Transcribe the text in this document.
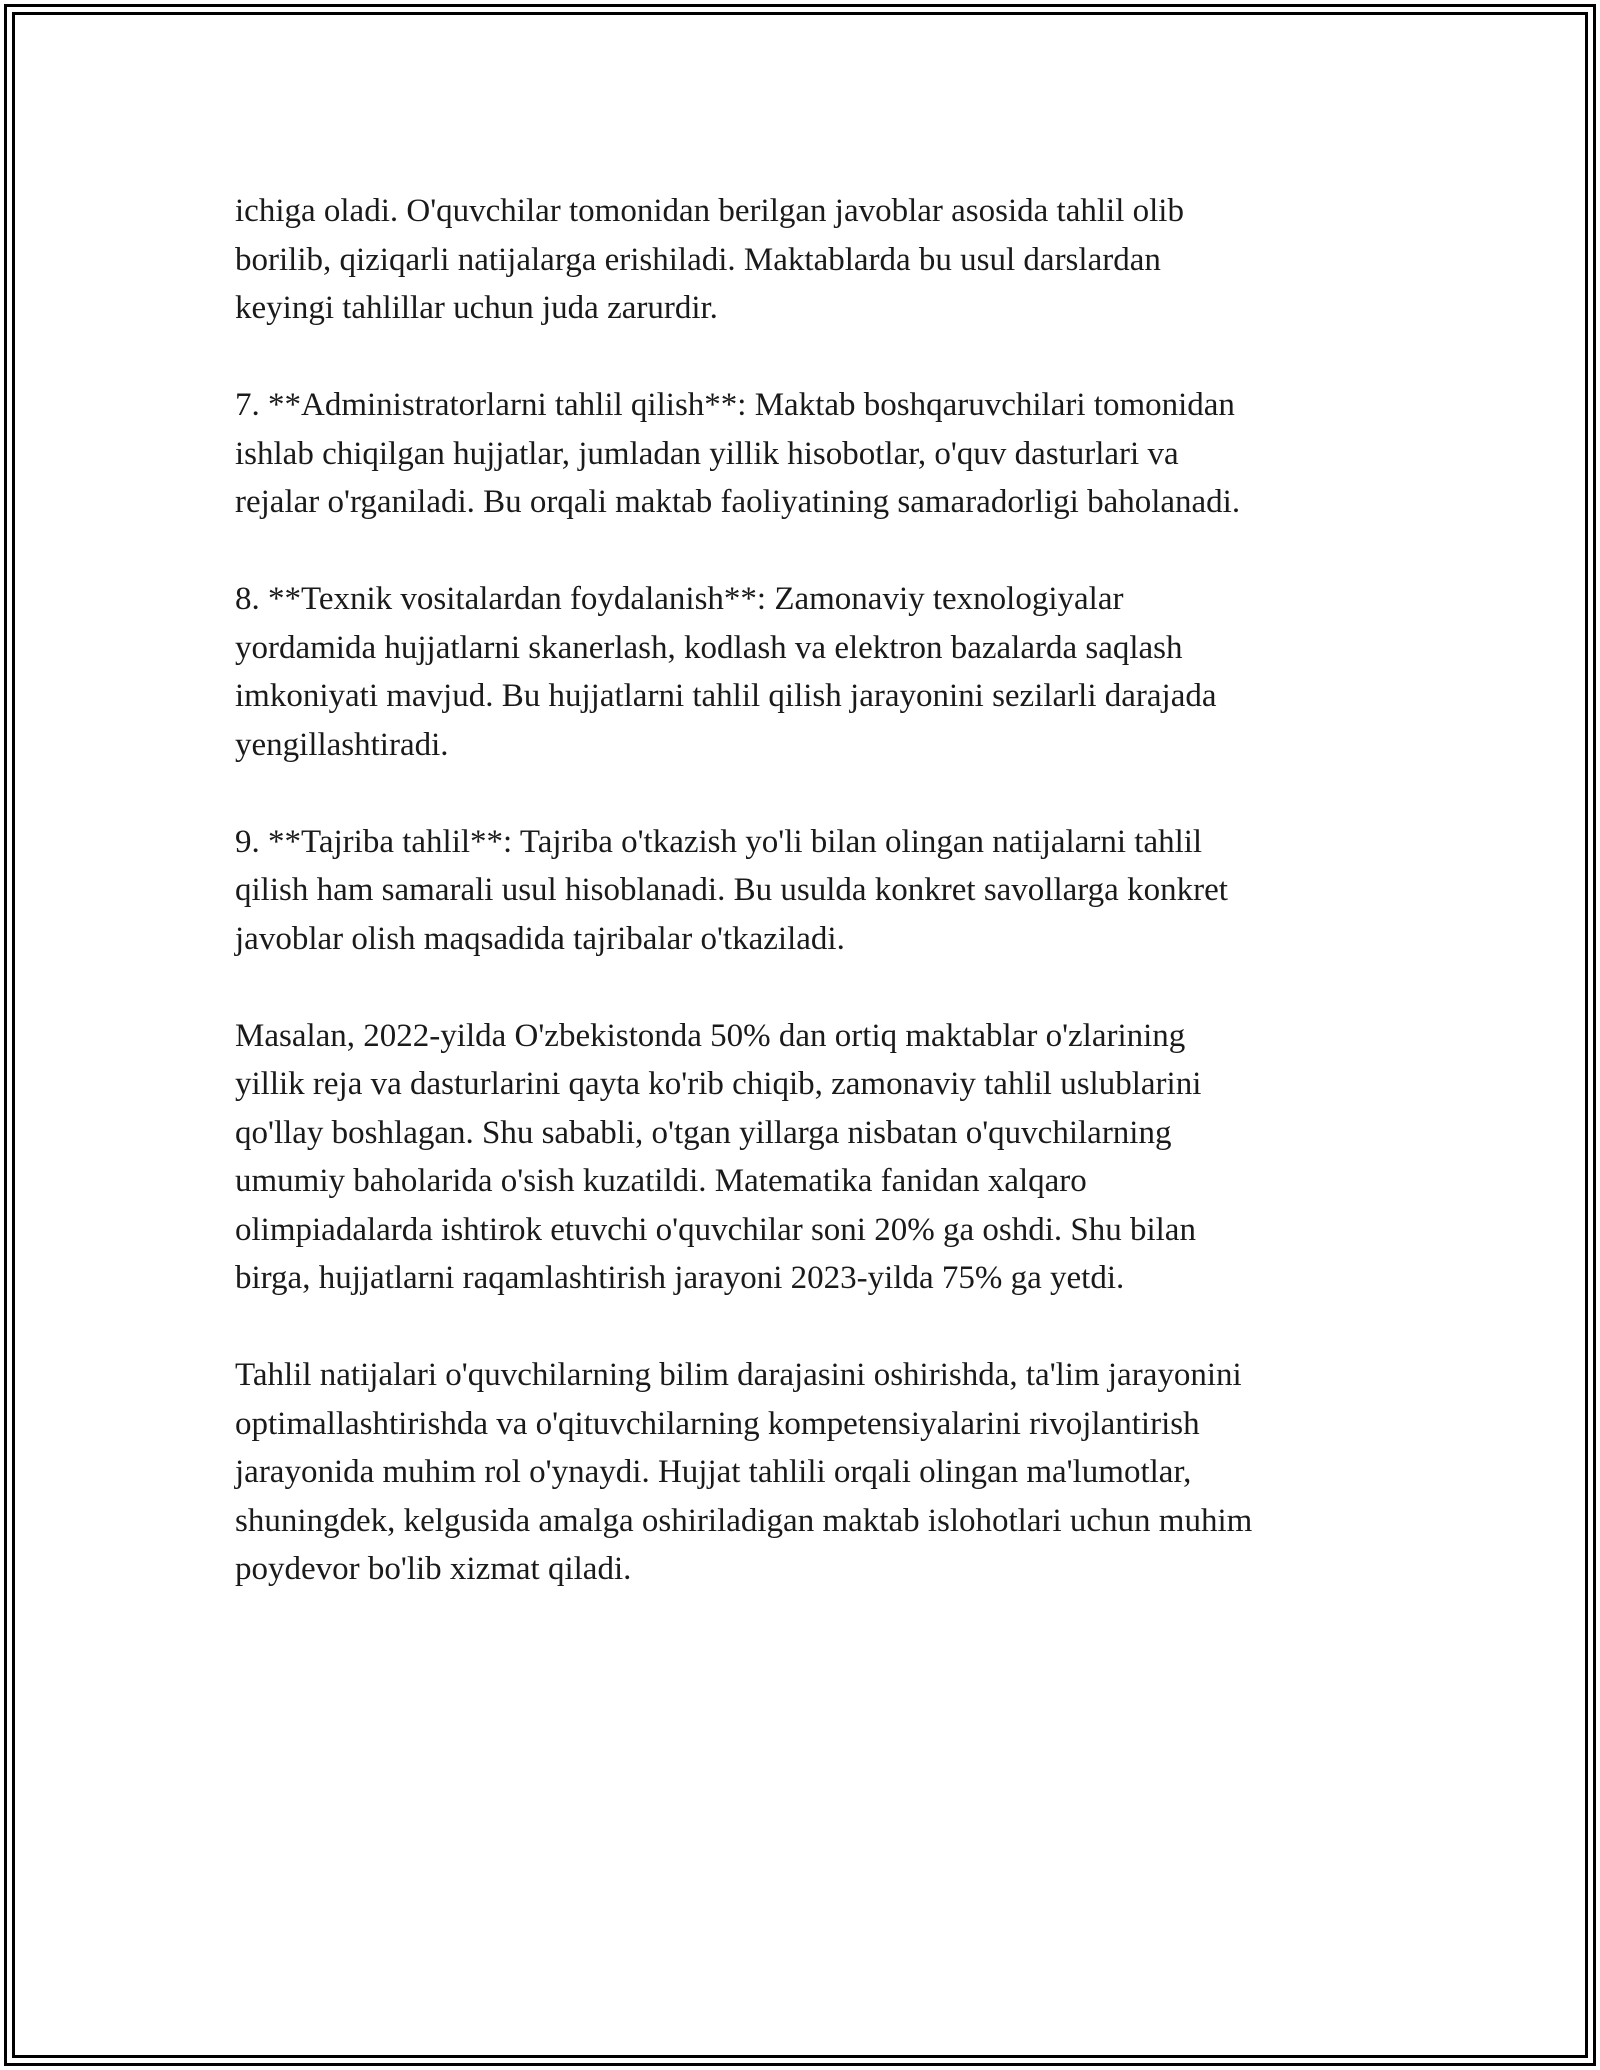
ichiga oladi. O'quvchilar tomonidan berilgan javoblar asosida tahlil olib
borilib, qiziqarli natijalarga erishiladi. Maktablarda bu usul darslardan
keyingi tahlillar uchun juda zarurdir.

7. **Administratorlarni tahlil qilish**: Maktab boshqaruvchilari tomonidan
ishlab chiqilgan hujjatlar, jumladan yillik hisobotlar, o'quv dasturlari va
rejalar o'rganiladi. Bu orqali maktab faoliyatining samaradorligi baholanadi.

8. **Texnik vositalardan foydalanish**: Zamonaviy texnologiyalar
yordamida hujjatlarni skanerlash, kodlash va elektron bazalarda saqlash
imkoniyati mavjud. Bu hujjatlarni tahlil qilish jarayonini sezilarli darajada
yengillashtiradi.

9. **Tajriba tahlil**: Tajriba o'tkazish yo'li bilan olingan natijalarni tahlil
qilish ham samarali usul hisoblanadi. Bu usulda konkret savollarga konkret
javoblar olish maqsadida tajribalar o'tkaziladi.

Masalan, 2022-yilda O'zbekistonda 50% dan ortiq maktablar o'zlarining
yillik reja va dasturlarini qayta ko'rib chiqib, zamonaviy tahlil uslublarini
qo'llay boshlagan. Shu sababli, o'tgan yillarga nisbatan o'quvchilarning
umumiy baholarida o'sish kuzatildi. Matematika fanidan xalqaro
olimpiadalarda ishtirok etuvchi o'quvchilar soni 20% ga oshdi. Shu bilan
birga, hujjatlarni raqamlashtirish jarayoni 2023-yilda 75% ga yetdi.

Tahlil natijalari o'quvchilarning bilim darajasini oshirishda, ta'lim jarayonini
optimallashtirishda va o'qituvchilarning kompetensiyalarini rivojlantirish
jarayonida muhim rol o'ynaydi. Hujjat tahlili orqali olingan ma'lumotlar,
shuningdek, kelgusida amalga oshiriladigan maktab islohotlari uchun muhim
poydevor bo'lib xizmat qiladi.
